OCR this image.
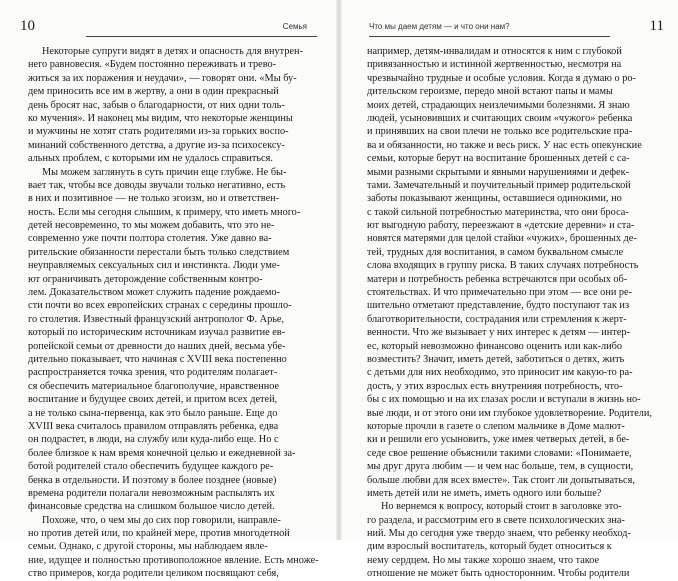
10	Семья
Некоторые супруги видят в детях и опасность для внутрен-
него равновесия. «Будем постоянно переживать и трево-
житься за их поражения и неудачи», — говорят они. «Мы бу-
дем приносить все им в жертву, а они в один прекрасный
день бросят нас, забыв о благодарности, от них одни толь-
ко мучения». И наконец мы видим, что некоторые женщины
и мужчины не хотят стать родителями из-за горьких воспо-
минаний собственного детства, а другие из-за психосексу-
альных проблем, с которыми им не удалось справиться.
Мы можем заглянуть в суть причин еще глубже. Не бы-
вает так, чтобы все доводы звучали только негативно, есть
в них и позитивное — не только эгоизм, но и ответствен-
ность. Если мы сегодня слышим, к примеру, что иметь много-
детей несовременно, то мы можем добавить, что это не-
современно уже почти полтора столетия. Уже давно ва-
рительские обязанности перестали быть только следствием
неуправляемых сексуальных сил и инстинкта. Люди уме-
ют ограничивать деторождение собственным контро-
лем. Доказательством может служить падение рождаемо-
сти почти во всех европейских странах с середины прошло-
го столетия. Известный французский антрополог Ф. Арье,
который по историческим источникам изучал развитие ев-
ропейской семьи от древности до наших дней, весьма убе-
дительно показывает, что начиная с XVIII века постепенно
распространяется точка зрения, что родителям полагает-
ся обеспечить материальное благополучие, нравственное
воспитание и будущее своих детей, и притом всех детей,
а не только сына-первенца, как это было раньше. Еще до
XVIII века считалось правилом отправлять ребенка, едва
он подрастет, в люди, на службу или куда-либо еще. Но с
более близкое к нам время конечной целью и ежедневной за-
ботой родителей стало обеспечить будущее каждого ре-
бенка в отдельности. И поэтому в более позднее (новые)
времена родители полагали невозможным распылять их
финансовые средства на слишком большое число детей.
Похоже, что, о чем мы до сих пор говорили, направле-
но против детей или, по крайней мере, против многодетной
семьи. Однако, с другой стороны, мы наблюдаем явле-
ние, идущее и полностью противоположное явление. Есть множе-
ство примеров, когда родители целиком посвящают себя,
Что мы даем детям — и что они нам?	11
например, детям-инвалидам и относятся к ним с глубокой
привязанностью и истинной жертвенностью, несмотря на
чрезвычайно трудные и особые условия. Когда я думаю о ро-
дительском героизме, передо мной встают папы и мамы
моих детей, страдающих неизлечимыми болезнями. Я знаю
людей, усыновивших и считающих своим «чужого» ребенка
и принявших на свои плечи не только все родительские пра-
ва и обязанности, но также и весь риск. У нас есть опекунские
семьи, которые берут на воспитание брошенных детей с са-
мыми разными скрытыми и явными нарушениями и дефек-
тами. Замечательный и поучительный пример родительской
заботы показывают женщины, оставшиеся одинокими, но
с такой сильной потребностью материнства, что они броса-
ют выгодную работу, переезжают в «детские деревни» и ста-
новятся матерями для целой стайки «чужих», брошенных де-
тей, трудных для воспитания, в самом буквальном смысле
слова входящих в группу риска. В таких случаях потребность
матери и потребность ребенка встречаются при особых об-
стоятельствах. И что примечательно при этом — все они ре-
шительно отметают представление, будто поступают так из
благотворительности, сострадания или стремления к жерт-
венности. Что же вызывает у них интерес к детям — интер-
ес, который невозможно финансово оценить или как-либо
возместить? Значит, иметь детей, заботиться о детях, жить
с детьми для них необходимо, это приносит им какую-то ра-
дость, у этих взрослых есть внутренняя потребность, что-
бы с их помощью и на их глазах росли и вступали в жизнь но-
вые люди, и от этого они им глубокое удовлетворение. Родители,
которые прочли в газете о слепом мальчике в Доме малют-
ки и решили его усыновить, уже имея четверых детей, в бе-
седе свое решение объяснили такими словами: «Понимаете,
мы друг друга любим — и чем нас больше, тем, в сущности,
больше любви для всех вместе». Так стоит ли допытываться,
иметь детей или не иметь, иметь одного или больше?
Но вернемся к вопросу, который стоит в заголовке это-
го раздела, и рассмотрим его в свете психологических зна-
ний. Мы до сегодня уже твердо знаем, что ребенку необход-
дим взрослый воспитатель, который будет относиться к
нему сердцем. Но мы также хорошо знаем, что такое
отношение не может быть односторонним. Чтобы родители
